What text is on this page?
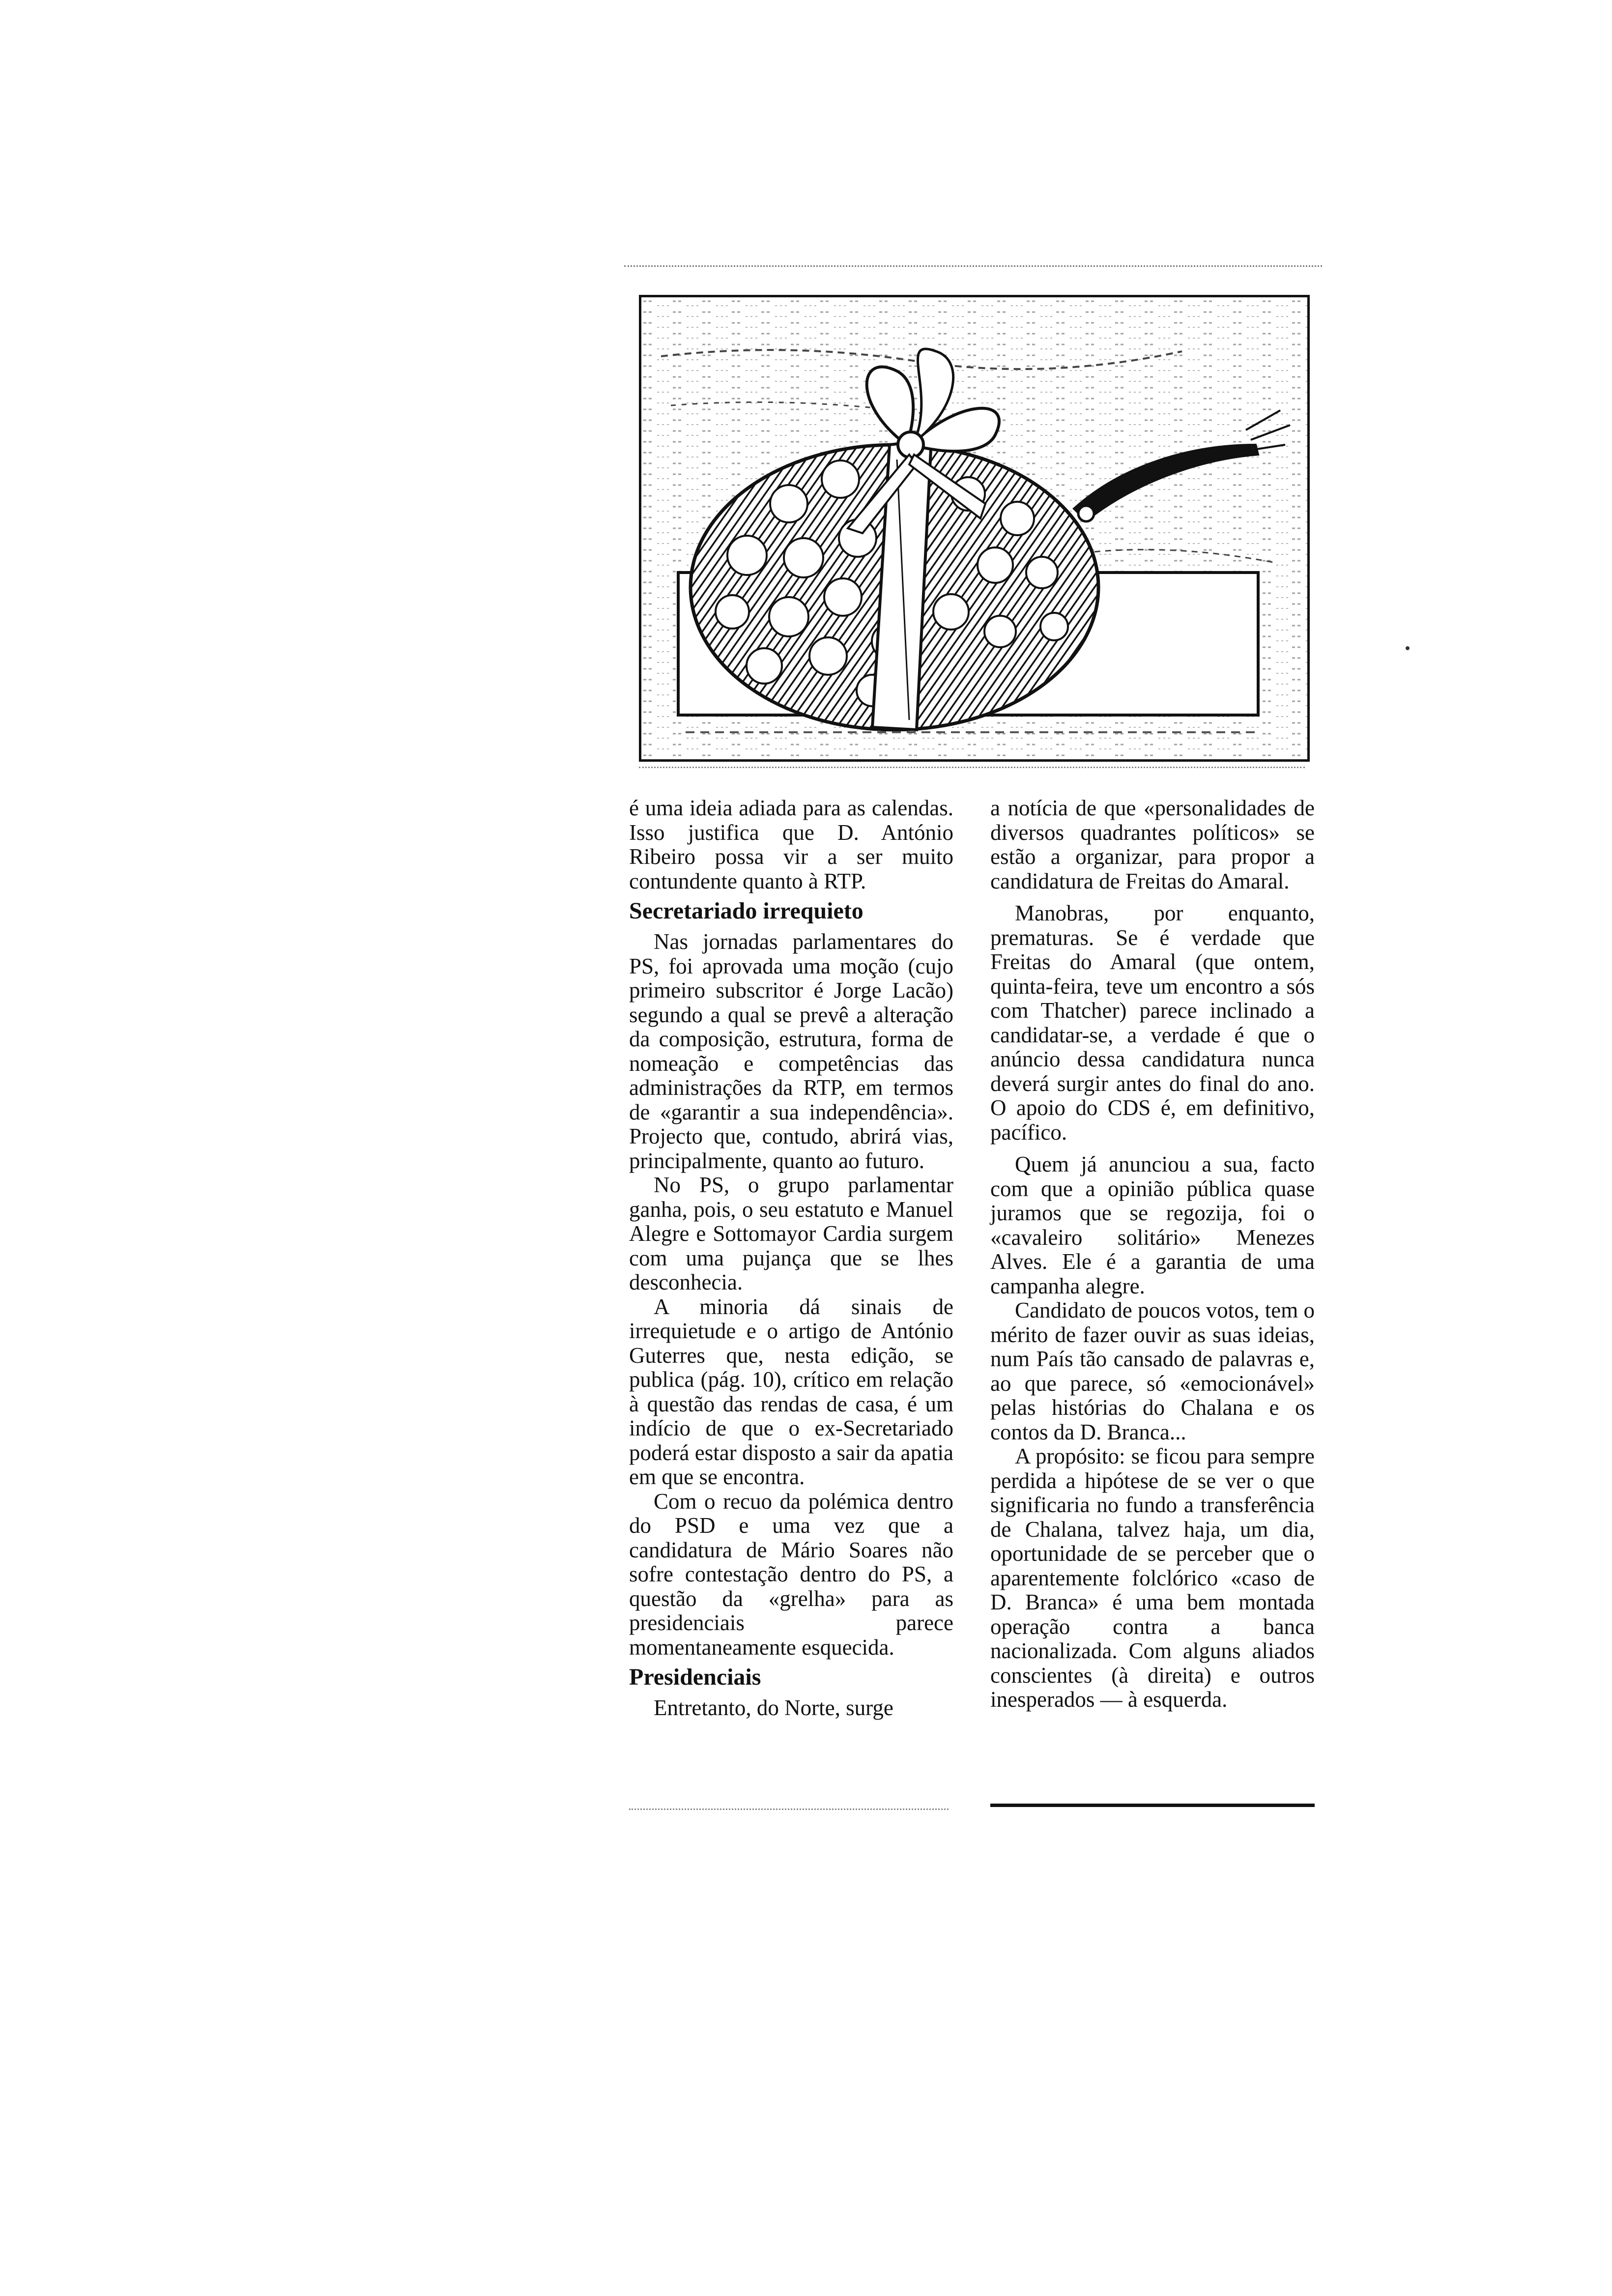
é uma ideia adiada para as calendas. Isso justifica que D. António Ribeiro possa vir a ser muito contundente quanto à RTP.

Secretariado irrequieto

Nas jornadas parlamentares do PS, foi aprovada uma moção (cujo primeiro subscritor é Jorge Lacão) segundo a qual se prevê a alteração da composição, estrutura, forma de nomeação e competências das administrações da RTP, em termos de «garantir a sua independência». Projecto que, contudo, abrirá vias, principalmente, quanto ao futuro.

No PS, o grupo parlamentar ganha, pois, o seu estatuto e Manuel Alegre e Sottomayor Cardia surgem com uma pujança que se lhes desconhecia.

A minoria dá sinais de irrequietude e o artigo de António Guterres que, nesta edição, se publica (pág. 10), crítico em relação à questão das rendas de casa, é um indício de que o ex-Secretariado poderá estar disposto a sair da apatia em que se encontra.

Com o recuo da polémica dentro do PSD e uma vez que a candidatura de Mário Soares não sofre contestação dentro do PS, a questão da «grelha» para as presidenciais parece momentaneamente esquecida.

Presidenciais

Entretanto, do Norte, surge

a notícia de que «personalidades de diversos quadrantes políticos» se estão a organizar, para propor a candidatura de Freitas do Amaral.

Manobras, por enquanto, prematuras. Se é verdade que Freitas do Amaral (que ontem, quinta-feira, teve um encontro a sós com Thatcher) parece inclinado a candidatar-se, a verdade é que o anúncio dessa candidatura nunca deverá surgir antes do final do ano. O apoio do CDS é, em definitivo, pacífico.

Quem já anunciou a sua, facto com que a opinião pública quase juramos que se regozija, foi o «cavaleiro solitário» Menezes Alves. Ele é a garantia de uma campanha alegre.

Candidato de poucos votos, tem o mérito de fazer ouvir as suas ideias, num País tão cansado de palavras e, ao que parece, só «emocionável» pelas histórias do Chalana e os contos da D. Branca...

A propósito: se ficou para sempre perdida a hipótese de se ver o que significaria no fundo a transferência de Chalana, talvez haja, um dia, oportunidade de se perceber que o aparentemente folclórico «caso de D. Branca» é uma bem montada operação contra a banca nacionalizada. Com alguns aliados conscientes (à direita) e outros inesperados — à esquerda.
